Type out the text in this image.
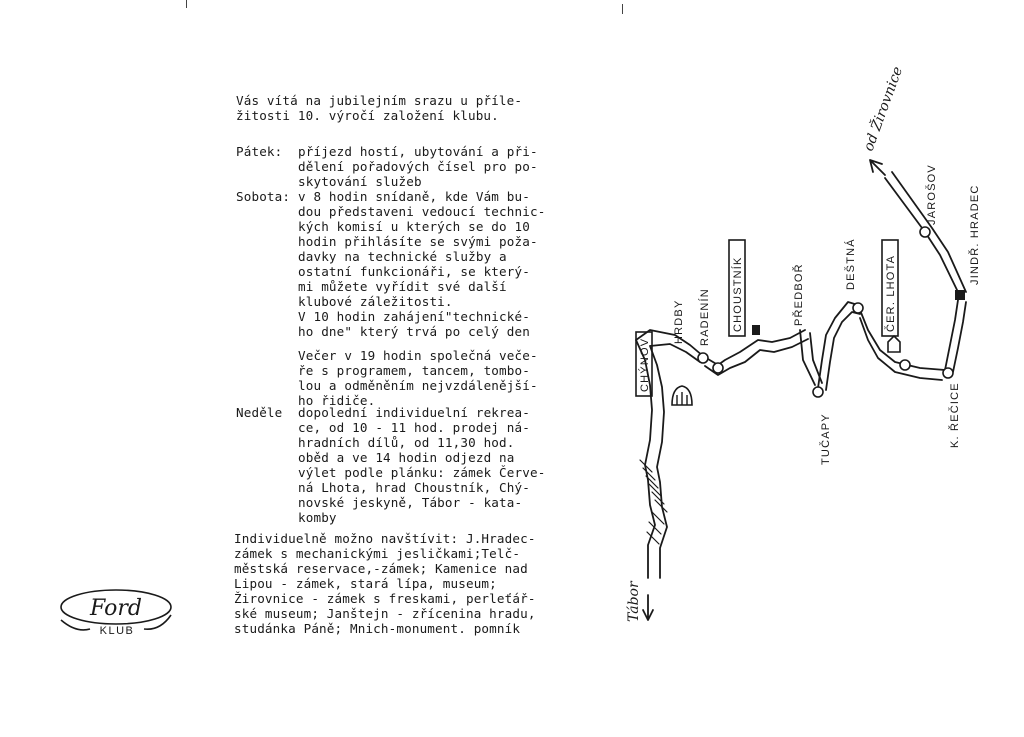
Vás vítá na jubilejním srazu u příle-
žitosti 10. výročí založení klubu.
Pátek: příjezd hostí, ubytování a při-
dělení pořadových čísel pro po-
skytování služeb
Sobota: v 8 hodin snídaně, kde Vám bu-
dou představeni vedoucí technic-
kých komisí u kterých se do 10
hodin přihlásíte se svými poža-
davky na technické služby a
ostatní funkcionáři, se který-
mi můžete vyřídit své další
klubové záležitosti.
V 10 hodin zahájení"technické-
ho dne" který trvá po celý den
Večer v 19 hodin společná veče-
ře s programem, tancem, tombo-
lou a odměněním nejvzdálenější-
ho řidiče.
Neděle dopolední individuelní rekrea-
ce, od 10 - 11 hod. prodej ná-
hradních dílů, od 11,30 hod.
oběd a ve 14 hodin odjezd na
výlet podle plánku: zámek Červe-
ná Lhota, hrad Choustník, Chý-
novské jeskyně, Tábor - kata-
komby
Individuelně možno navštívit: J.Hradec-
zámek s mechanickými jesličkami;Telč-
městská reservace,-zámek; Kamenice nad
Lipou - zámek, stará lípa, museum;
Žirovnice - zámek s freskami, perleťář-
ské museum; Janštejn - zřícenina hradu,
studánka Páně; Mnich-monument. pomník
Ford
KLUB
CHÝNOV
HRDBY RADENÍN CHOUSTNÍK	PŘEDBOŘ
TUČAPY
DEŠTNÁ	ČER. LHOTA
K. ŘEČICE
JAROŠOV	JINDŘ. HRADEC
od Žirovnice
Tábor
